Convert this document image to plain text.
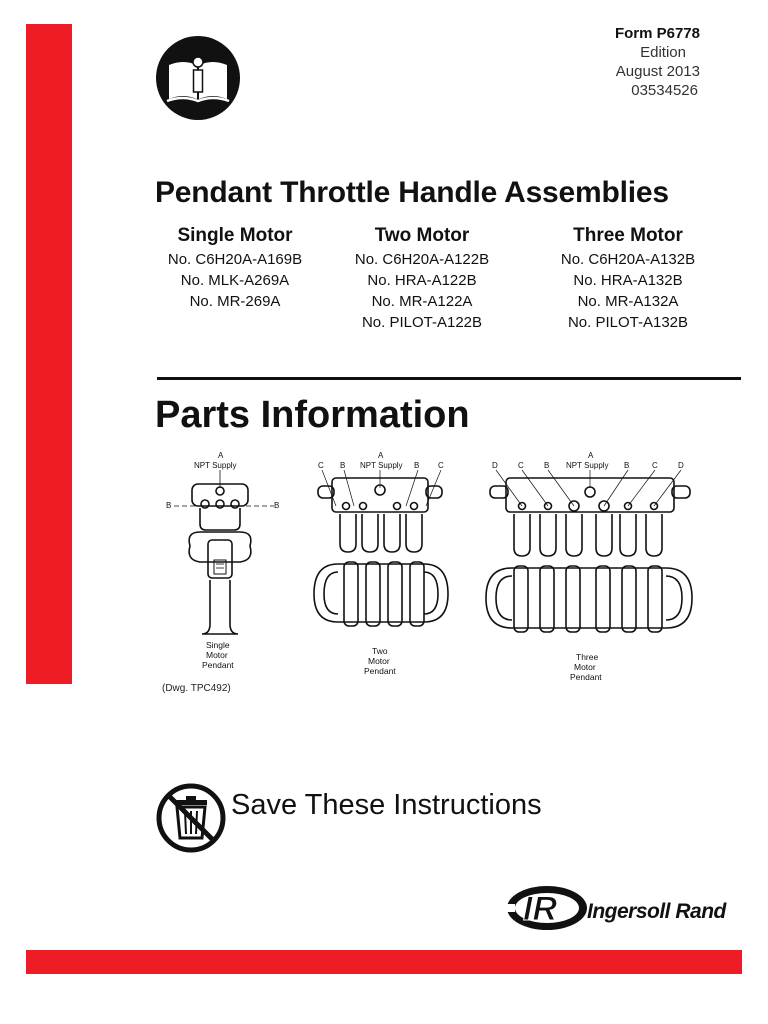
Form P6778
Edition
August 2013
03534526
Pendant Throttle Handle Assemblies
Single Motor
No. C6H20A-A169B
No. MLK-A269A
No. MR-269A
Two Motor
No. C6H20A-A122B
No. HRA-A122B
No. MR-A122A
No. PILOT-A122B
Three Motor
No. C6H20A-A132B
No. HRA-A132B
No. MR-A132A
No. PILOT-A132B
Parts Information
A
NPT Supply
B	B
Single
Motor
Pendant
A
NPT Supply
C B	B C
Two
Motor
Pendant
A
NPT Supply
D	C	B	B	C	D
Three
Motor
Pendant
(Dwg. TPC492)
Save These Instructions
IR Ingersoll Rand
